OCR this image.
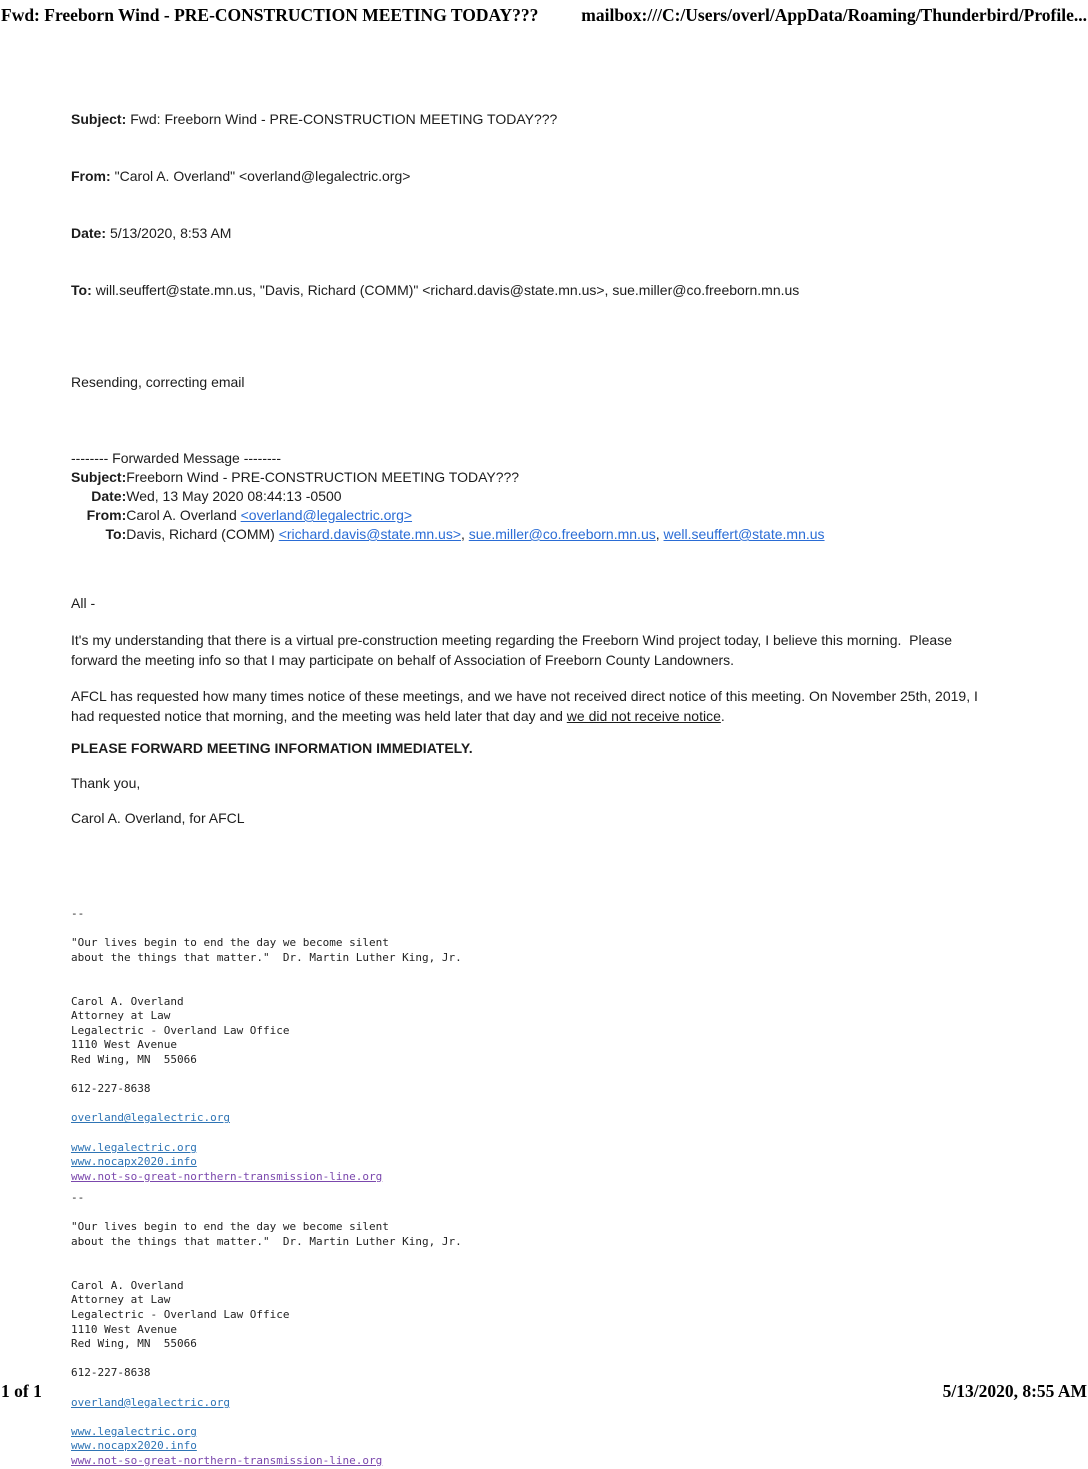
Fwd: Freeborn Wind - PRE-CONSTRUCTION MEETING TODAY??? mailbox:///C:/Users/overl/AppData/Roaming/Thunderbird/Profile...

Subject: Fwd: Freeborn Wind - PRE-CONSTRUCTION MEETING TODAY???

From: "Carol A. Overland" <overland@legalectric.org>

Date: 5/13/2020, 8:53 AM

To: will.seuffert@state.mn.us, "Davis, Richard (COMM)" <richard.davis@state.mn.us>, sue.miller@co.freeborn.mn.us

Resending, correcting email
-------- Forwarded Message --------
Subject:	Freeborn Wind - PRE-CONSTRUCTION MEETING TODAY???
Date:	Wed, 13 May 2020 08:44:13 -0500
From:	Carol A. Overland <overland@legalectric.org>
To:	Davis, Richard (COMM) <richard.davis@state.mn.us>, sue.miller@co.freeborn.mn.us, well.seuffert@state.mn.us
All -
It's my understanding that there is a virtual pre-construction meeting regarding the Freeborn Wind project today, I believe this morning.  Please
forward the meeting info so that I may participate on behalf of Association of Freeborn County Landowners.
AFCL has requested how many times notice of these meetings, and we have not received direct notice of this meeting. On November 25th, 2019, I
had requested notice that morning, and the meeting was held later that day and we did not receive notice.
PLEASE FORWARD MEETING INFORMATION IMMEDIATELY.
Thank you,
Carol A. Overland, for AFCL
--
"Our lives begin to end the day we become silent
about the things that matter."  Dr. Martin Luther King, Jr.
Carol A. Overland
Attorney at Law
Legalectric - Overland Law Office
1110 West Avenue
Red Wing, MN  55066
612-227-8638
overland@legalectric.org
www.legalectric.org
www.nocapx2020.info
www.not-so-great-northern-transmission-line.org
--
"Our lives begin to end the day we become silent
about the things that matter."  Dr. Martin Luther King, Jr.
Carol A. Overland
Attorney at Law
Legalectric - Overland Law Office
1110 West Avenue
Red Wing, MN  55066
612-227-8638
overland@legalectric.org
www.legalectric.org
www.nocapx2020.info
www.not-so-great-northern-transmission-line.org
1 of 1	5/13/2020, 8:55 AM
